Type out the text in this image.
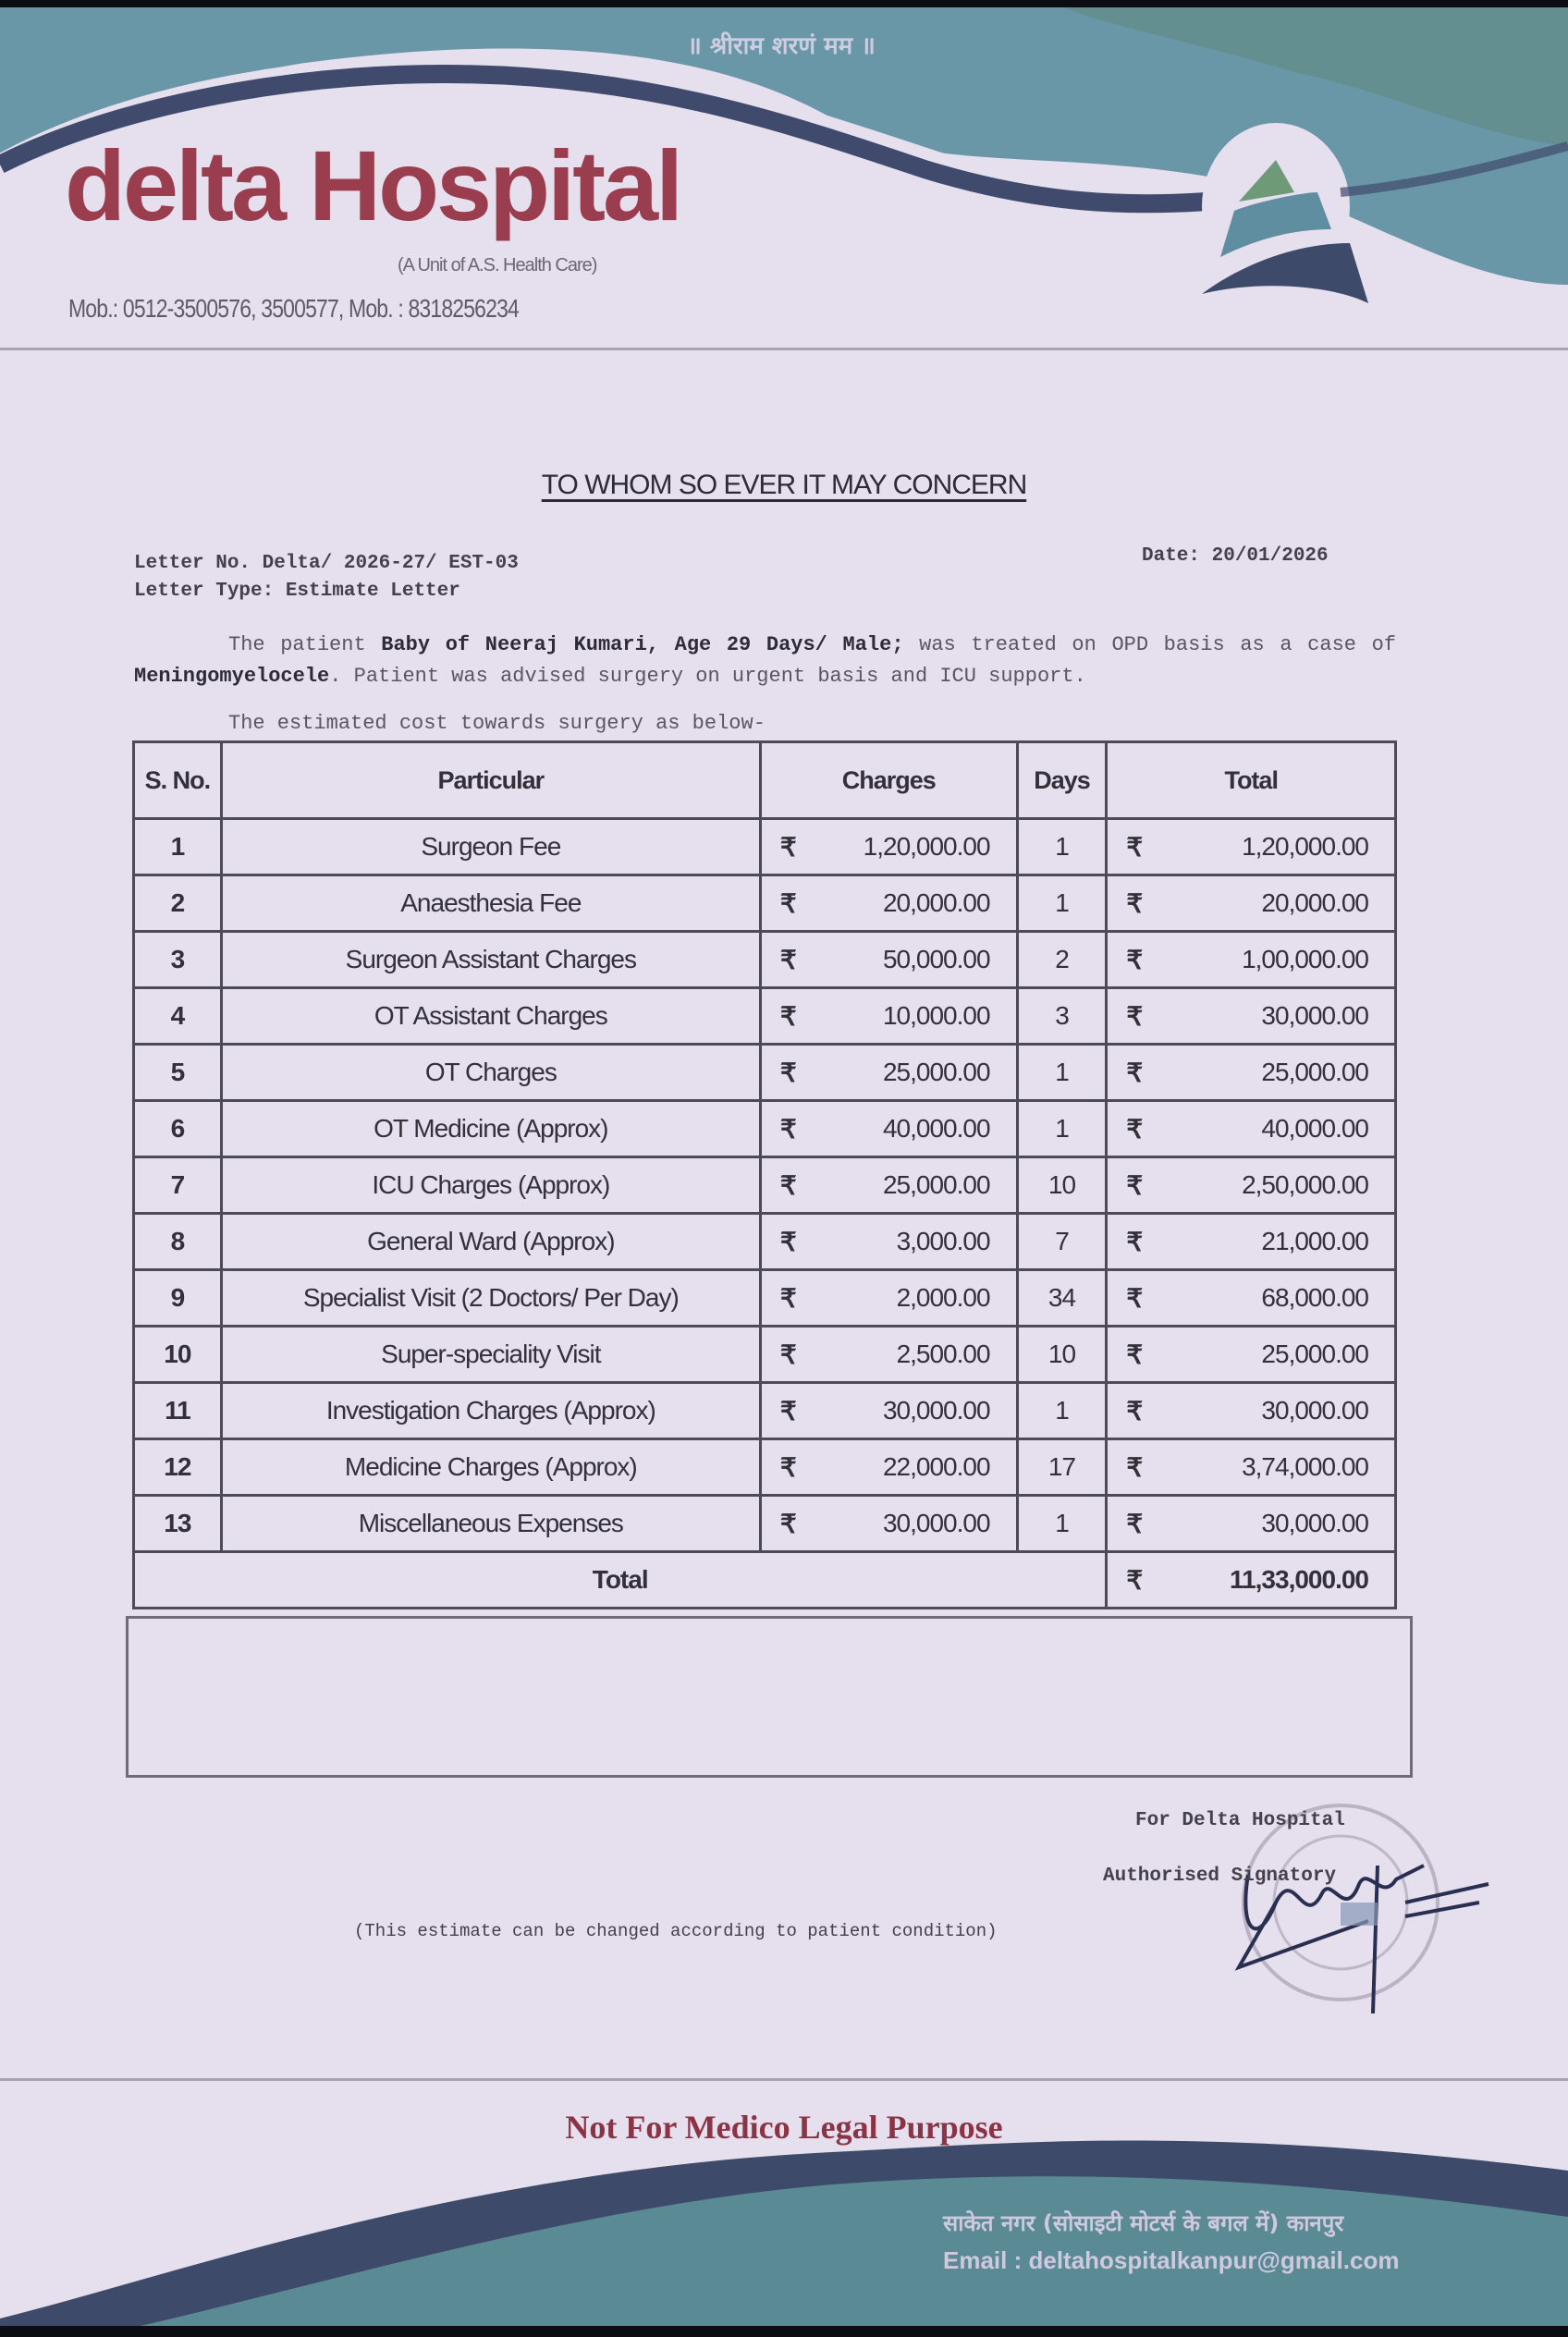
॥ श्रीराम शरणं मम ॥
delta Hospital
(A Unit of A.S. Health Care)
Mob.: 0512-3500576, 3500577, Mob. : 8318256234
TO WHOM SO EVER IT MAY CONCERN
Letter No. Delta/ 2026-27/ EST-03
Letter Type: Estimate Letter
Date: 20/01/2026
The patient Baby of Neeraj Kumari, Age 29 Days/ Male; was treated on OPD basis as a case of Meningomyelocele. Patient was advised surgery on urgent basis and ICU support.
The estimated cost towards surgery as below-
S. No.	Particular	Charges	Days	Total
1	Surgeon Fee	₹ 1,20,000.00	1	₹ 1,20,000.00

2	Anaesthesia Fee	₹ 20,000.00	1	₹ 20,000.00

3	Surgeon Assistant Charges	₹ 50,000.00	2	₹ 1,00,000.00

4	OT Assistant Charges	₹ 10,000.00	3	₹ 30,000.00

5	OT Charges	₹ 25,000.00	1	₹ 25,000.00

6	OT Medicine (Approx)	₹ 40,000.00	1	₹ 40,000.00

7	ICU Charges (Approx)	₹ 25,000.00	10	₹ 2,50,000.00

8	General Ward (Approx)	₹ 3,000.00	7	₹ 21,000.00

9	Specialist Visit (2 Doctors/ Per Day)	₹ 2,000.00	34	₹ 68,000.00

10	Super-speciality Visit	₹ 2,500.00	10	₹ 25,000.00

11	Investigation Charges (Approx)	₹ 30,000.00	1	₹ 30,000.00

12	Medicine Charges (Approx)	₹ 22,000.00	17	₹ 3,74,000.00

13	Miscellaneous Expenses	₹ 30,000.00	1	₹ 30,000.00

Total				₹ 11,33,000.00
For Delta Hospital
Authorised Signatory
(This estimate can be changed according to patient condition)
Not For Medico Legal Purpose
साकेत नगर (सोसाइटी मोटर्स के बगल में) कानपुर
Email : deltahospitalkanpur@gmail.com
